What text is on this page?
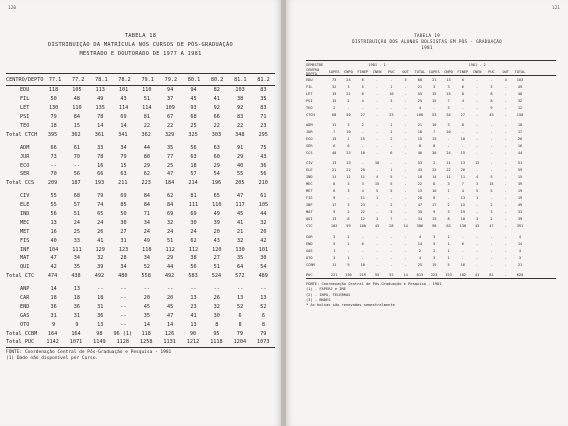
120
TABELA 18
DISTRIBUIÇÃO DA MATRÍCULA NOS CURSOS DE PÓS-GRADUAÇÃO
MESTRADO E DOUTORADO DE 1977 A 1981
CENTRO/DEPTO	77.1	77.2	78.1	78.2	79.1	79.2	80.1	80.2	81.1	81.2
EDU	118	105	113	101	110	94	94	82	103	83
FIL	50	48	49	43	51	37	45	41	38	35
LET	130	110	135	114	114	109	93	92	92	83
PSI	79	84	78	69	81	67	68	66	83	71
TEO	18	15	14	14	22	22	25	22	22	23
Total CTCH	395	362	361	341	362	329	325	303	348	295
ADM	66	61	33	34	44	35	56	63	91	75
JUR	73	70	78	79	80	77	63	60	29	43
ECO	--	--	16	15	29	25	18	29	40	36
SER	70	56	66	63	62	47	57	54	55	56
Total CCS	209	187	193	211	223	184	214	196	205	210
CIV	55	68	79	69	84	62	81	65	47	61
ELE	55	57	74	85	84	84	111	110	117	105
IND	56	51	65	50	71	69	69	49	45	44
MEC	13	24	24	30	34	32	30	39	41	32
MET	16	25	26	27	24	24	24	20	21	20
FIS	40	33	41	31	49	51	62	43	32	42
INF	104	111	129	123	118	112	112	120	130	101
MAT	47	34	32	28	34	29	38	27	35	30
QUI	42	35	39	34	52	44	56	51	64	54
Total CTC	474	438	492	480	558	492	583	524	572	489
ANP	14	13	--	--	--	--	--	--	--	--
CAR	18	18	18	--	20	20	13	26	13	13
END	36	36	31	--	45	45	23	32	52	52
GAS	31	31	36	--	35	47	41	30	6	6
OTO	9	9	13	--	14	14	13	8	8	8
Total CCBM	164	164	98	96 (1)	118	126	90	95	79	79
Total PUC	1142	1071	1149	1128	1258	1131	1212	1118	1204	1073
FONTE: Coordenação Central de Pós-Graduação e Pesquisa - 1981
(1) Dado não disponível por Curso.
121
TABELA 19
DISTRIBUIÇÃO DOS ALUNOS BOLSISTAS EM PÓS - GRADUAÇÃO
1981
SEMESTRE	1981 . 1	1981 . 2
CENTRO DEPTO	CAPES	CNPQ	FINEP	CNEN	PUC	OUT	TOTAL CAPES	CNPQ	FINEP	CNEN	PUC	OUT	TOTAL
EDU	73	24	6	-	-	5	68	21	13	6	-	-	4	103
FIL	32	3	5	-	1	-	21	3	3	6	-	3	-	49
LET	19	21	6	-	10	-	55	15	15	8	-	8	-	48
PSI	15	2	4	-	3	-	25	15	7	4	-	8	-	32
TEO	2	-	-	-	-	-	4	-	3	-	-	9	-	12
CTCH	68	50	27	-	23	-	168	53	34	27	-	43	-	158
ADM	11	3	2	-	1	-	21	10	3	8	-	-	-	18
JUR	7	10	-	-	1	-	18	7	10	-	-	-	-	17
ECO	15	1	15	-	2	-	15	13	-	10	-	-	-	26
SER	6	6	-	-	-	-	8	8	-	-	-	-	-	16
CCS	40	23	10	-	6	-	46	30	24	15	-	-	-	44
CIV	13	13	-	18	-	-	53	2	11	13	13	-	-	51
ELE	21	22	20	-	1	-	43	22	22	26	-	-	-	59
IND	11	11	11	4	5	-	18	14	11	11	4	5	-	15
MEC	8	3	3	15	5	-	22	8	3	7	3	15	-	39
MET	6	3	4	5	5	-	13	10	1	4	5	5	-	19
FIS	9	-	11	1	-	-	28	8	-	13	1	-	-	19
INF	17	3	23	-	2	-	47	17	2	15	-	2	-	49
MAT	9	2	22	-	3	-	35	9	3	19	-	3	-	31
QUI	13	8	12	3	7	-	34	13	8	10	3	2	-	39
CTC	102	59	100	43	28	14	386	98	63	130	43	47	-	391
CAR	3	1	-	-	-	-	4	3	1	-	-	-	-	4
END	5	1	6	-	-	-	14	5	1	6	-	-	-	14
GAS	1	-	-	-	-	-	2	2	1	-	-	-	-	4
OTO	3	1	-	-	-	-	4	3	1	-	-	-	-	3
CCBM	11	9	10	-	-	-	25	19	5	16	-	-	-	21
PUC	221	130	219	55	52	14	613	223	193	182	41	81	-	620
FONTE: Coordenação Central de Pós-Graduação e Pesquisa - 1981
(1) - FAPERJ e IME
(2) - INPA, TELEBRAS
(3) - BNDES
* As bolsas são renovadas semestralmente
